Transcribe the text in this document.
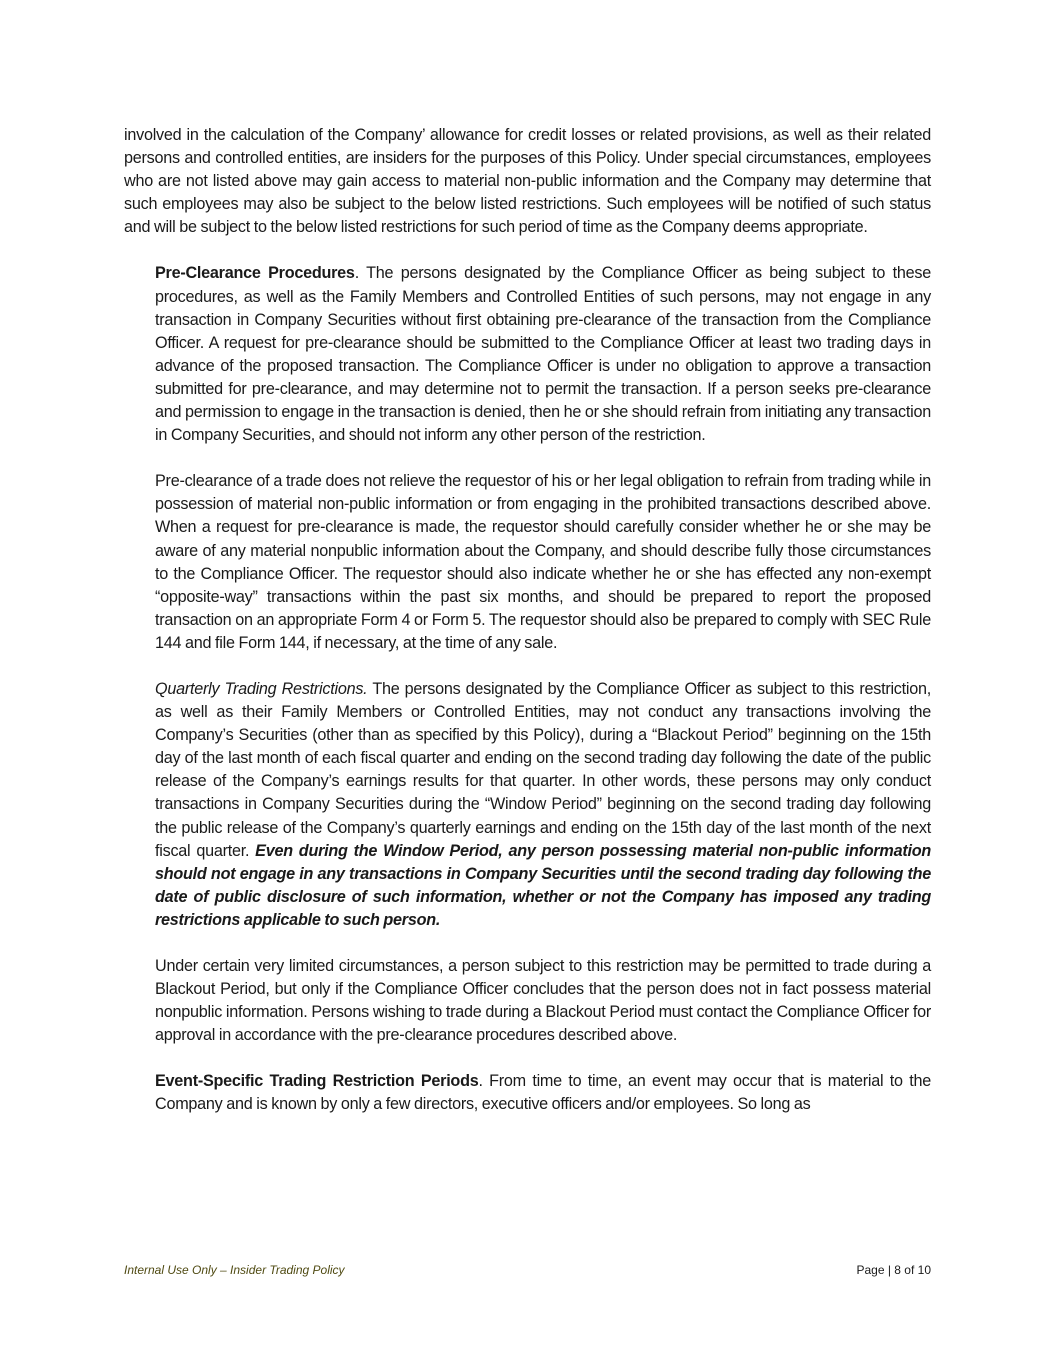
involved in the calculation of the Company’ allowance for credit losses or related provisions, as well as their related persons and controlled entities, are insiders for the purposes of this Policy. Under special circumstances, employees who are not listed above may gain access to material non-public information and the Company may determine that such employees may also be subject to the below listed restrictions. Such employees will be notified of such status and will be subject to the below listed restrictions for such period of time as the Company deems appropriate.

Pre-Clearance Procedures. The persons designated by the Compliance Officer as being subject to these procedures, as well as the Family Members and Controlled Entities of such persons, may not engage in any transaction in Company Securities without first obtaining pre-clearance of the transaction from the Compliance Officer. A request for pre-clearance should be submitted to the Compliance Officer at least two trading days in advance of the proposed transaction. The Compliance Officer is under no obligation to approve a transaction submitted for pre-clearance, and may determine not to permit the transaction. If a person seeks pre-clearance and permission to engage in the transaction is denied, then he or she should refrain from initiating any transaction in Company Securities, and should not inform any other person of the restriction.

Pre-clearance of a trade does not relieve the requestor of his or her legal obligation to refrain from trading while in possession of material non-public information or from engaging in the prohibited transactions described above. When a request for pre-clearance is made, the requestor should carefully consider whether he or she may be aware of any material nonpublic information about the Company, and should describe fully those circumstances to the Compliance Officer. The requestor should also indicate whether he or she has effected any non-exempt “opposite-way” transactions within the past six months, and should be prepared to report the proposed transaction on an appropriate Form 4 or Form 5. The requestor should also be prepared to comply with SEC Rule 144 and file Form 144, if necessary, at the time of any sale.

Quarterly Trading Restrictions. The persons designated by the Compliance Officer as subject to this restriction, as well as their Family Members or Controlled Entities, may not conduct any transactions involving the Company’s Securities (other than as specified by this Policy), during a “Blackout Period” beginning on the 15th day of the last month of each fiscal quarter and ending on the second trading day following the date of the public release of the Company’s earnings results for that quarter. In other words, these persons may only conduct transactions in Company Securities during the “Window Period” beginning on the second trading day following the public release of the Company’s quarterly earnings and ending on the 15th day of the last month of the next fiscal quarter. Even during the Window Period, any person possessing material non-public information should not engage in any transactions in Company Securities until the second trading day following the date of public disclosure of such information, whether or not the Company has imposed any trading restrictions applicable to such person.

Under certain very limited circumstances, a person subject to this restriction may be permitted to trade during a Blackout Period, but only if the Compliance Officer concludes that the person does not in fact possess material nonpublic information. Persons wishing to trade during a Blackout Period must contact the Compliance Officer for approval in accordance with the pre-clearance procedures described above.

Event-Specific Trading Restriction Periods. From time to time, an event may occur that is material to the Company and is known by only a few directors, executive officers and/or employees. So long as

Internal Use Only – Insider Trading Policy	Page | 8 of 10
